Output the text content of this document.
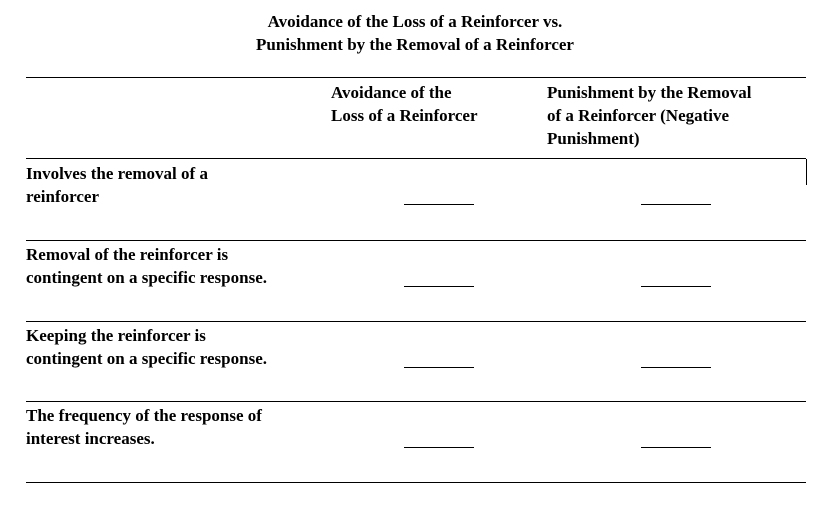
Avoidance of the Loss of a Reinforcer vs.
Punishment by the Removal of a Reinforcer
Avoidance of the
Loss of a Reinforcer
Punishment by the Removal
of a Reinforcer (Negative
Punishment)
Involves the removal of a
reinforcer
Removal of the reinforcer is
contingent on a specific response.
Keeping the reinforcer is
contingent on a specific response.
The frequency of the response of
interest increases.
